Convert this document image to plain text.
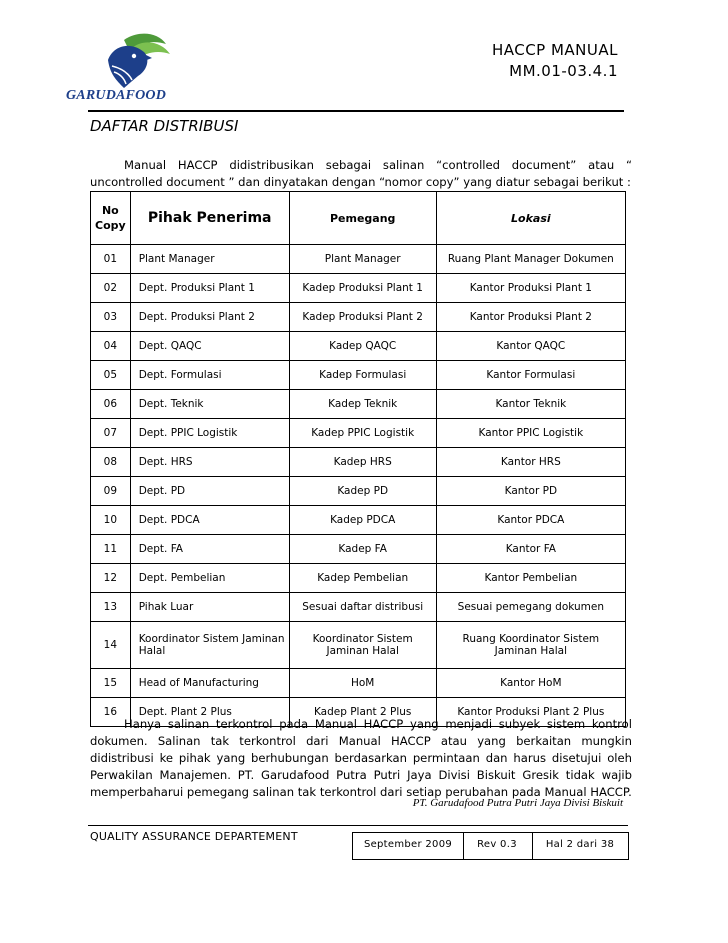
GARUDAFOOD
HACCP MANUAL
MM.01-03.4.1
DAFTAR DISTRIBUSI
Manual HACCP didistribusikan sebagai salinan “controlled document” atau “ uncontrolled document ” dan dinyatakan dengan “nomor copy” yang diatur sebagai berikut :
No Copy	Pihak Penerima	Pemegang	Lokasi
01	Plant Manager	Plant Manager	Ruang Plant Manager Dokumen
02	Dept. Produksi Plant 1	Kadep Produksi Plant 1	Kantor Produksi Plant 1
03	Dept. Produksi Plant 2	Kadep Produksi Plant 2	Kantor Produksi Plant 2
04	Dept. QAQC	Kadep QAQC	Kantor QAQC
05	Dept. Formulasi	Kadep Formulasi	Kantor Formulasi
06	Dept. Teknik	Kadep Teknik	Kantor Teknik
07	Dept. PPIC Logistik	Kadep PPIC Logistik	Kantor PPIC Logistik
08	Dept. HRS	Kadep HRS	Kantor HRS
09	Dept. PD	Kadep PD	Kantor PD
10	Dept. PDCA	Kadep PDCA	Kantor PDCA
11	Dept. FA	Kadep FA	Kantor FA
12	Dept. Pembelian	Kadep Pembelian	Kantor Pembelian
13	Pihak Luar	Sesuai daftar distribusi	Sesuai pemegang dokumen
14	Koordinator Sistem Jaminan Halal	Koordinator Sistem Jaminan Halal	Ruang Koordinator Sistem Jaminan Halal
15	Head of Manufacturing	HoM	Kantor HoM
16	Dept. Plant 2 Plus	Kadep Plant 2 Plus	Kantor Produksi Plant 2 Plus
Hanya salinan terkontrol pada Manual HACCP yang menjadi subyek sistem kontrol dokumen. Salinan tak terkontrol dari Manual HACCP atau yang berkaitan mungkin didistribusi ke pihak yang berhubungan berdasarkan permintaan dan harus disetujui oleh Perwakilan Manajemen. PT. Garudafood Putra Putri Jaya Divisi Biskuit Gresik tidak wajib memperbaharui pemegang salinan tak terkontrol dari setiap perubahan pada Manual HACCP.
PT. Garudafood Putra Putri Jaya Divisi Biskuit
QUALITY ASSURANCE DEPARTEMENT
September 2009	Rev 0.3	Hal 2 dari 38
